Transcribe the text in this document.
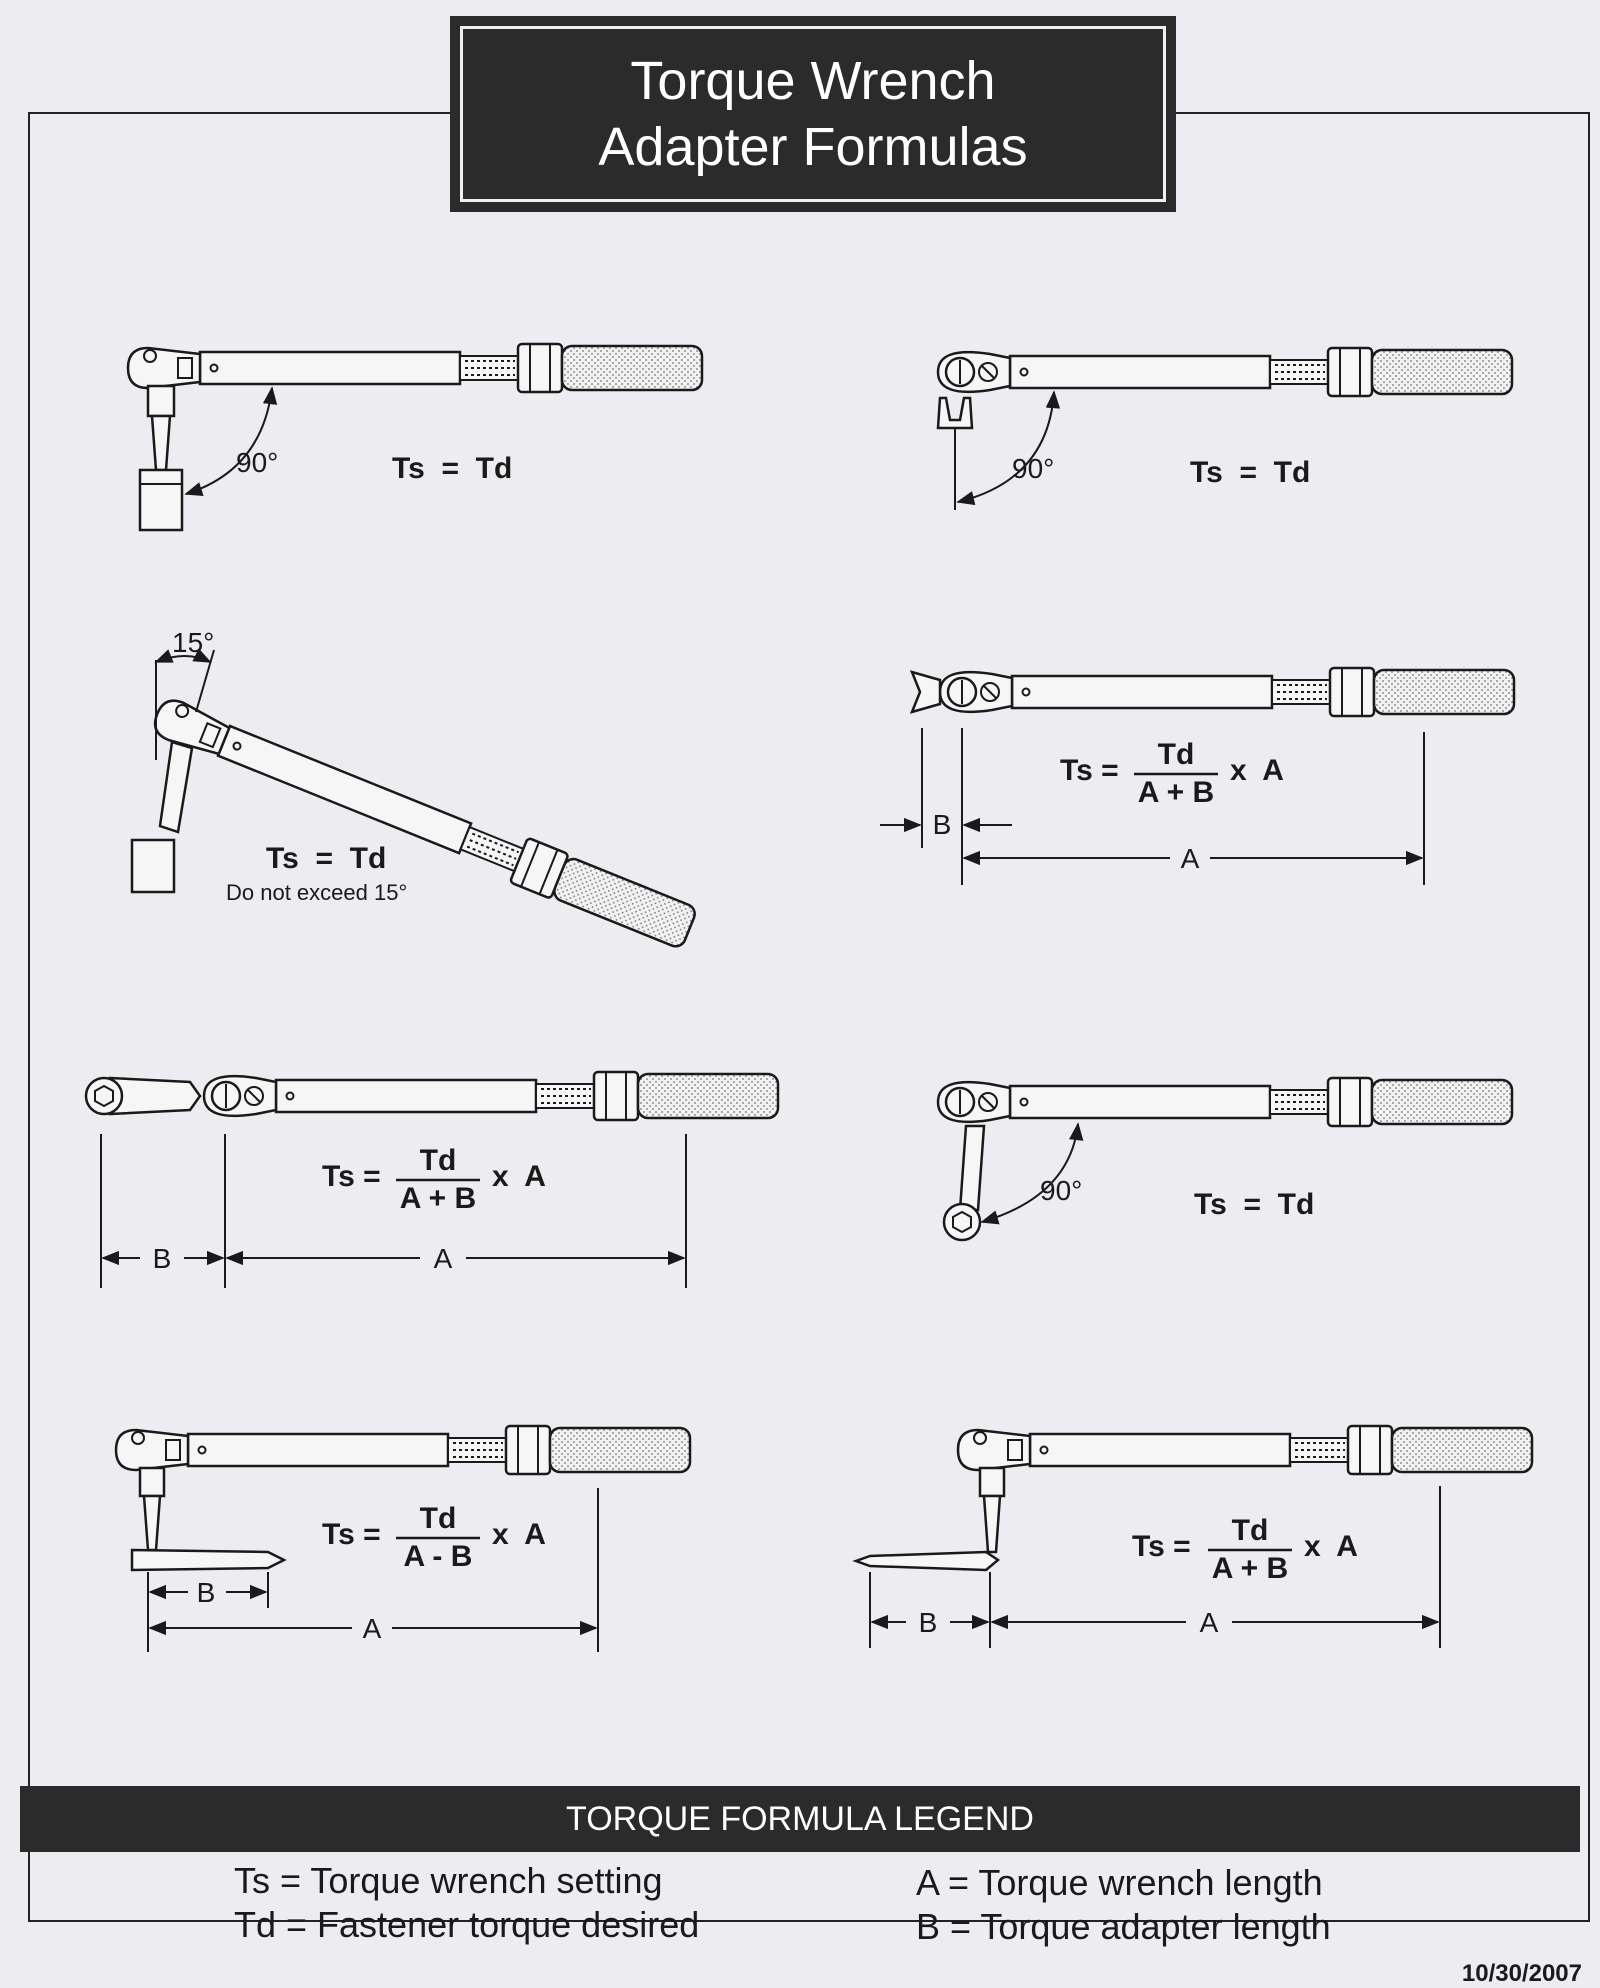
90°	Ts  =  Td	90°	Ts  =  Td
15°
Ts  =  Td
Do not exceed 15°
Ts = Td
A + B
x  A
B
A
Ts = Td
A + B
x  A
B	A
90°	Ts  =  Td
Ts = Td
A - B
x  A
B
A
Ts = Td
A + B
x  A
B	A
Torque Wrench
Adapter Formulas
TORQUE FORMULA LEGEND
Ts = Torque wrench setting
Td = Fastener torque desired
A = Torque wrench length
B = Torque adapter length
10/30/2007
